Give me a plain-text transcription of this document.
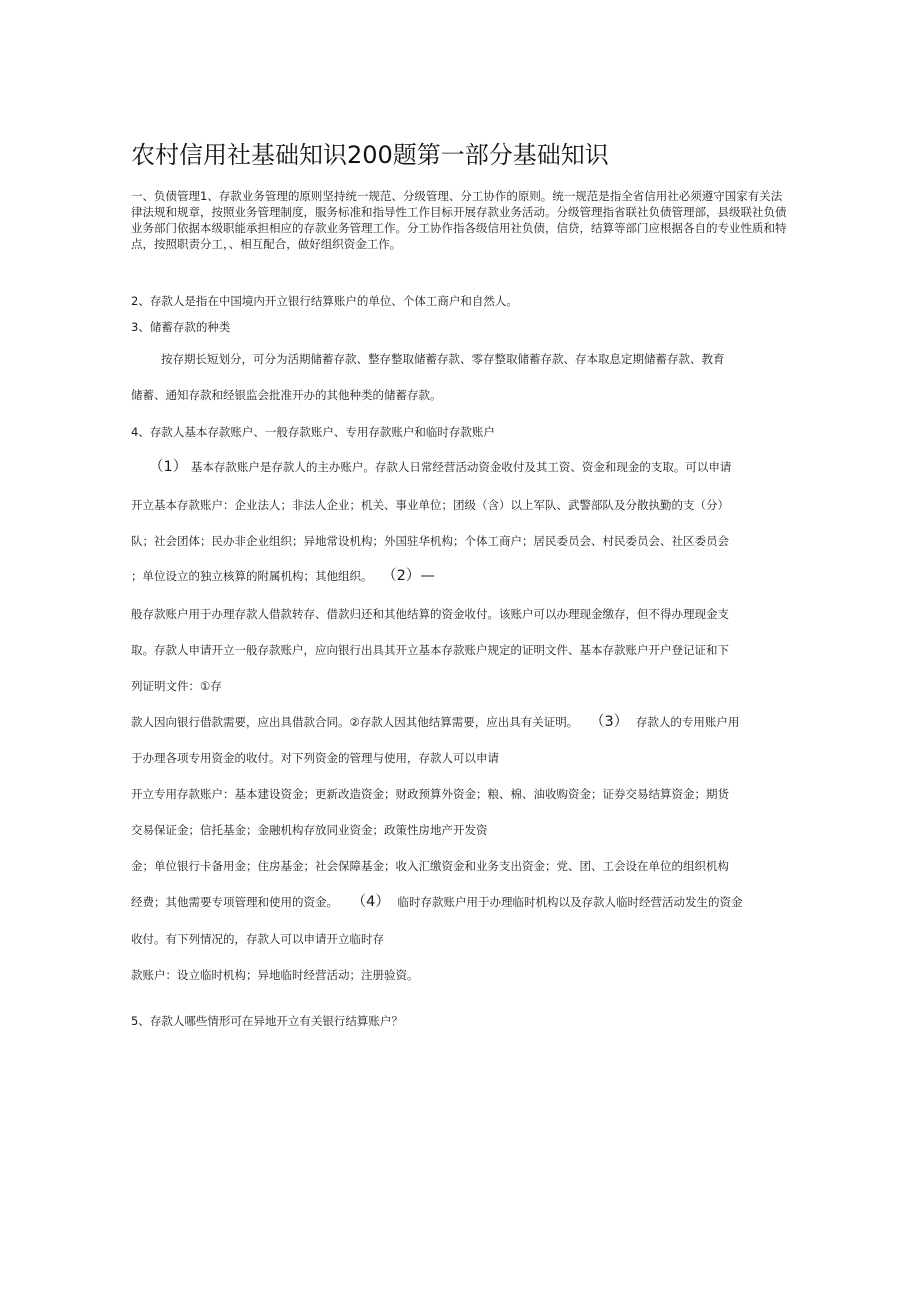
农村信用社基础知识200题第一部分基础知识
一、负债管理1、存款业务管理的原则坚持统一规范、分级管理、分工协作的原则。统一规范是指全省信用社必须遵守国家有关法律法规和规章，按照业务管理制度，服务标准和指导性工作目标开展存款业务活动。分级管理指省联社负债管理部，县级联社负债业务部门依据本级职能承担相应的存款业务管理工作。分工协作指各级信用社负债，信贷，结算等部门应根据各自的专业性质和特点，按照职责分工，、相互配合，做好组织资金工作。
2、存款人是指在中国境内开立银行结算账户的单位、个体工商户和自然人。
3、储蓄存款的种类
按存期长短划分，可分为活期储蓄存款、整存整取储蓄存款、零存整取储蓄存款、存本取息定期储蓄存款、教育
储蓄、通知存款和经银监会批准开办的其他种类的储蓄存款。
4、存款人基本存款账户、一般存款账户、专用存款账户和临时存款账户
（1） 基本存款账户是存款人的主办账户。存款人日常经营活动资金收付及其工资、资金和现金的支取。可以申请
开立基本存款账户：企业法人；非法人企业；机关、事业单位；团级（含）以上军队、武警部队及分散执勤的支（分）
队；社会团体；民办非企业组织；异地常设机构；外国驻华机构；个体工商户；居民委员会、村民委员会、社区委员会
；单位设立的独立核算的附属机构；其他组织。 （2）—
般存款账户用于办理存款人借款转存、借款归还和其他结算的资金收付。该账户可以办理现金缴存，但不得办理现金支
取。存款人申请开立一般存款账户，应向银行出具其开立基本存款账户规定的证明文件、基本存款账户开户登记证和下
列证明文件：①存
款人因向银行借款需要，应出具借款合同。②存款人因其他结算需要，应出具有关证明。 （3） 存款人的专用账户用
于办理各项专用资金的收付。对下列资金的管理与使用，存款人可以申请
开立专用存款账户：基本建设资金；更新改造资金；财政预算外资金；粮、棉、油收购资金；证券交易结算资金；期货
交易保证金；信托基金；金融机构存放同业资金；政策性房地产开发资
金；单位银行卡备用金；住房基金；社会保障基金；收入汇缴资金和业务支出资金；党、团、工会设在单位的组织机构
经费；其他需要专项管理和使用的资金。 （4） 临时存款账户用于办理临时机构以及存款人临时经营活动发生的资金
收付。有下列情况的，存款人可以申请开立临时存
款账户：设立临时机构；异地临时经营活动；注册验资。
5、存款人哪些情形可在异地开立有关银行结算账户？
